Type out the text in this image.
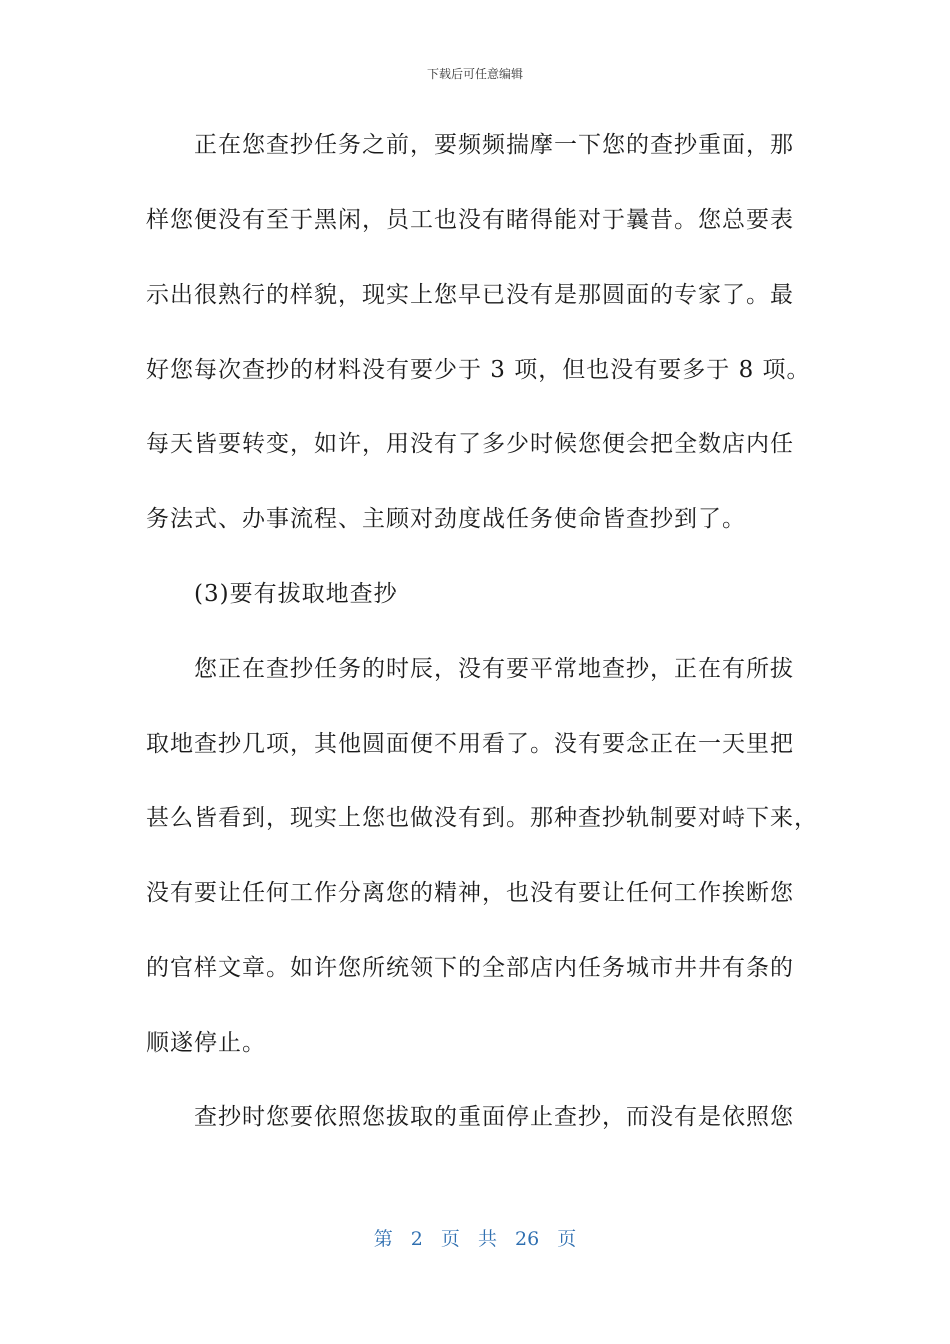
下载后可任意编辑
正在您查抄任务之前，要频频揣摩一下您的查抄重面，那
样您便没有至于黑闲，员工也没有睹得能对于曩昔。您总要表
示出很熟行的样貌，现实上您早已没有是那圆面的专家了。最
好您每次查抄的材料没有要少于 3 项，但也没有要多于 8 项。
每天皆要转变，如许，用没有了多少时候您便会把全数店内任
务法式、办事流程、主顾对劲度战任务使命皆查抄到了。
(3)要有拔取地查抄
您正在查抄任务的时辰，没有要平常地查抄，正在有所拔
取地查抄几项，其他圆面便不用看了。没有要念正在一天里把
甚么皆看到，现实上您也做没有到。那种查抄轨制要对峙下来，
没有要让任何工作分离您的精神，也没有要让任何工作挨断您
的官样文章。如许您所统领下的全部店内任务城市井井有条的
顺遂停止。
查抄时您要依照您拔取的重面停止查抄，而没有是依照您
第 2 页 共 26 页
